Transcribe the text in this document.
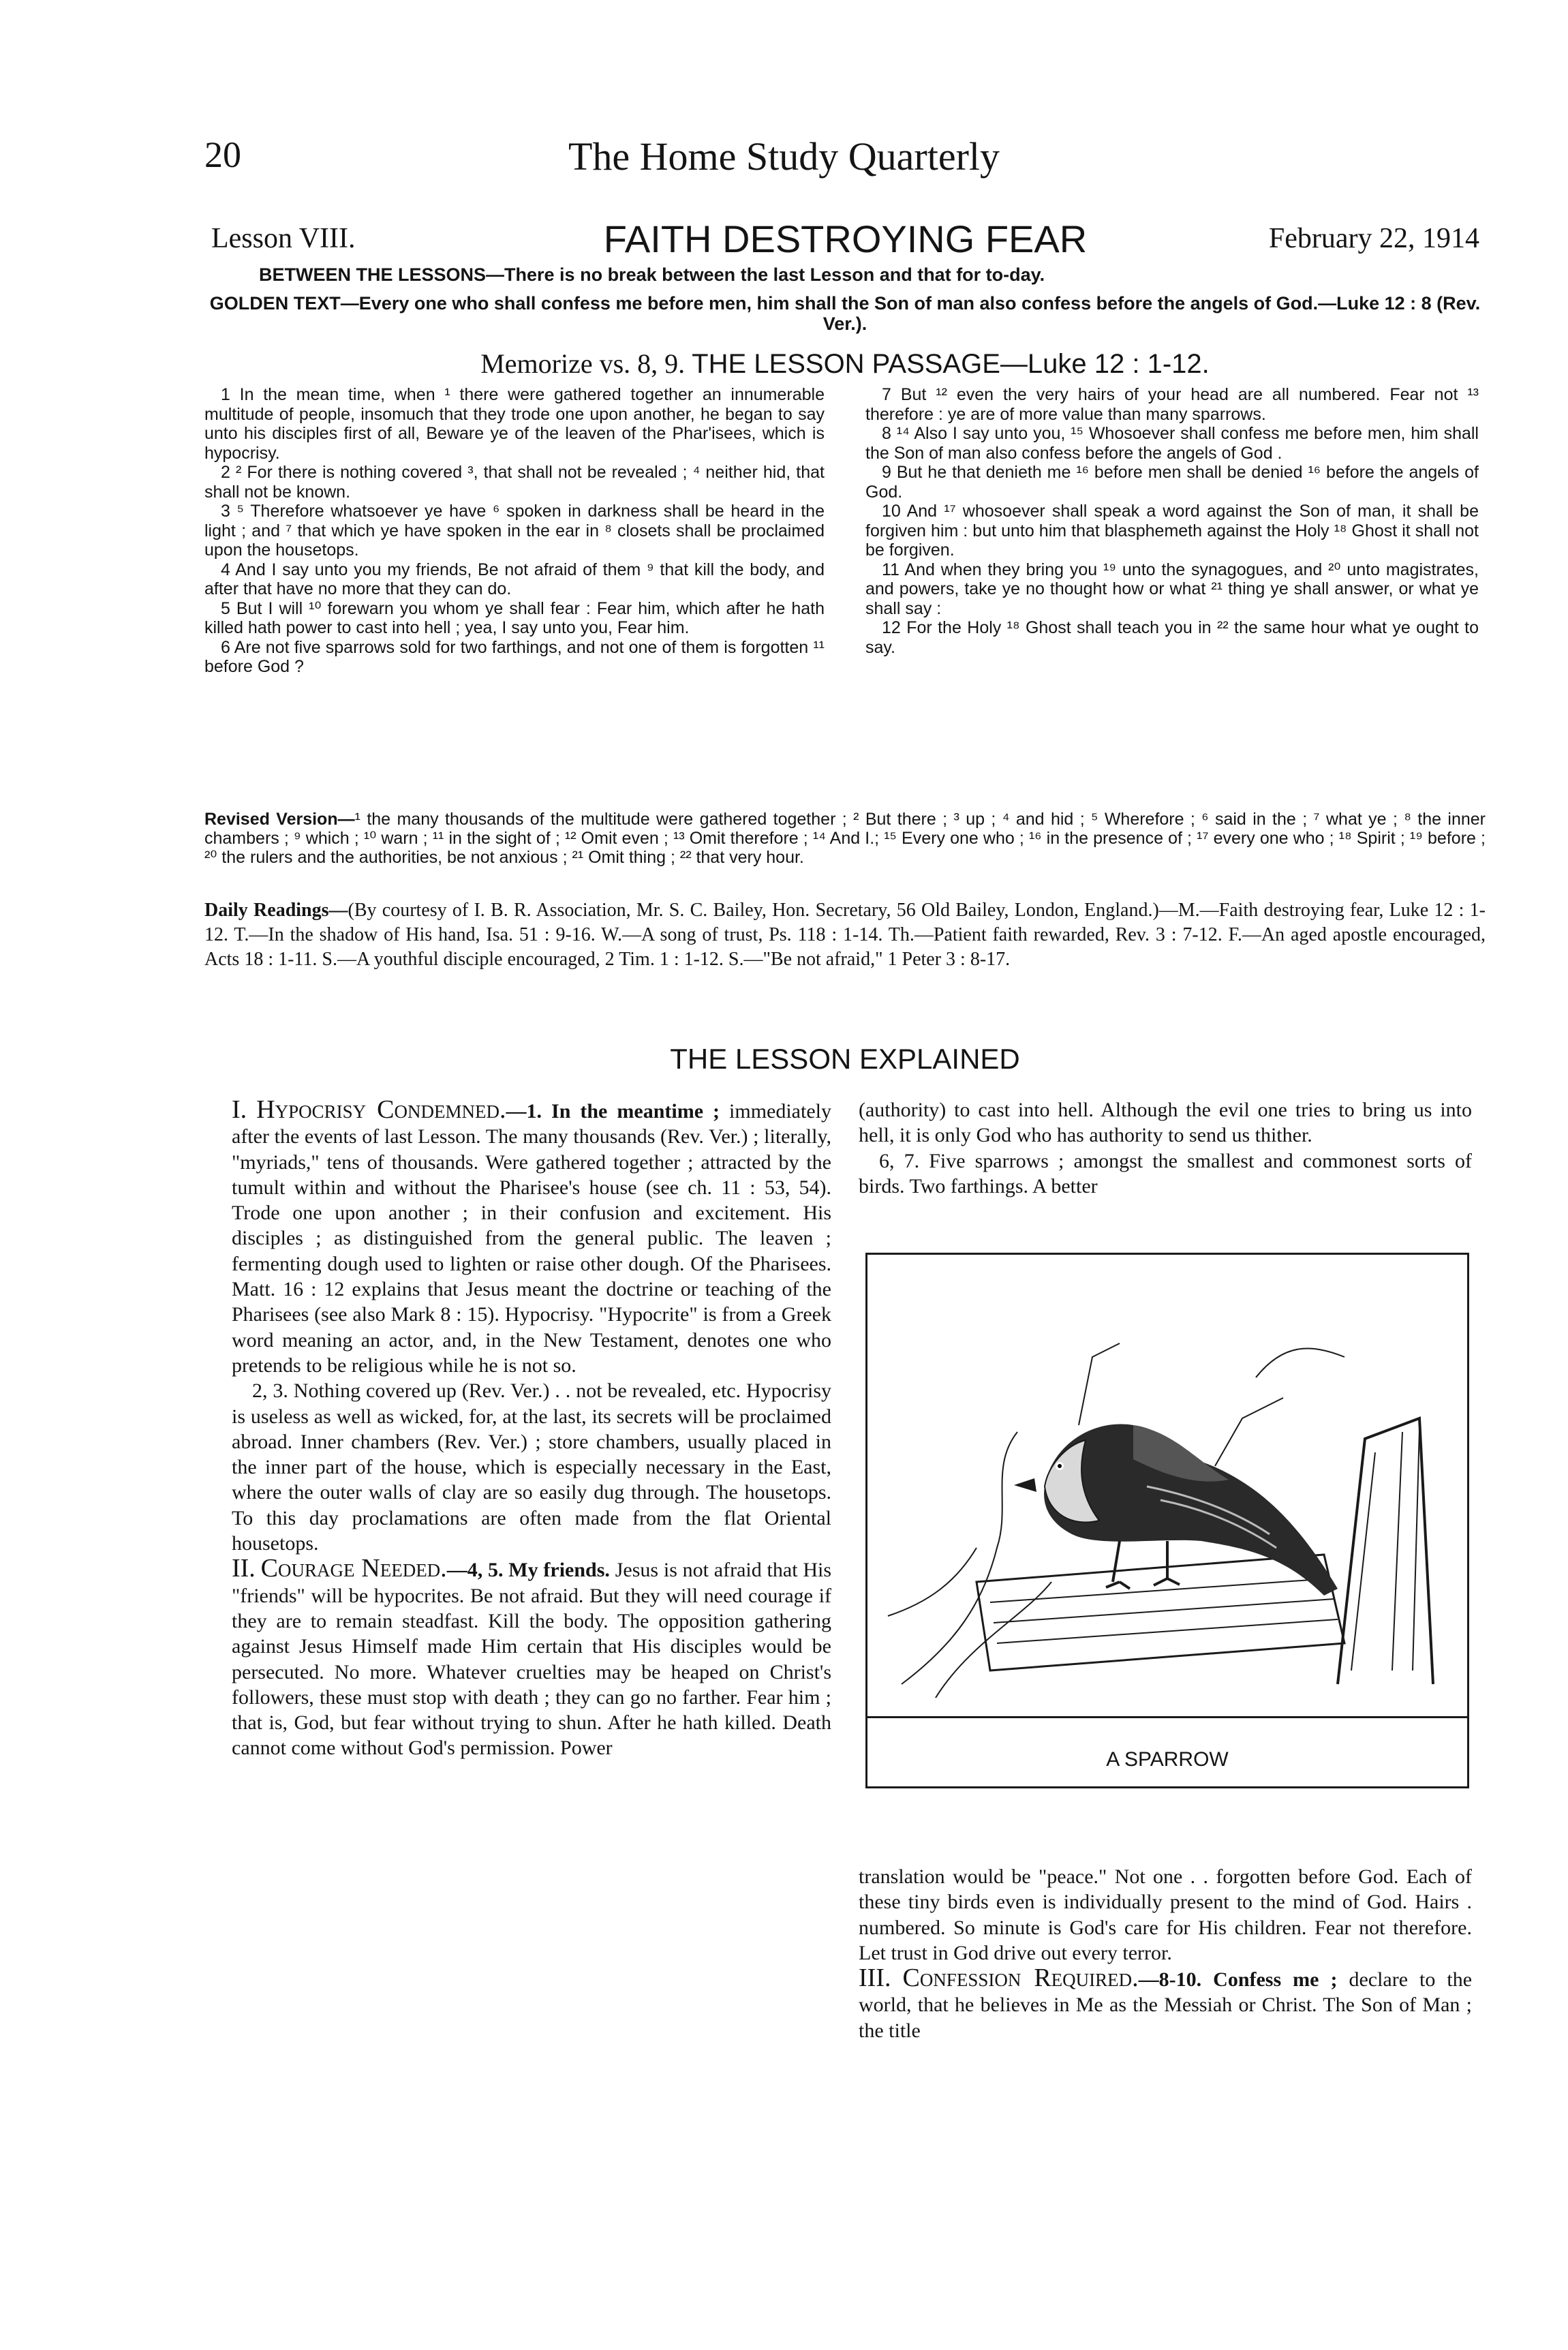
20	The Home Study Quarterly
Lesson VIII.	FAITH DESTROYING FEAR	February 22, 1914
BETWEEN THE LESSONS—There is no break between the last Lesson and that for to-day.
GOLDEN TEXT—Every one who shall confess me before men, him shall the Son of man also confess before the angels of God.—Luke 12 : 8 (Rev. Ver.).
Memorize vs. 8, 9. THE LESSON PASSAGE—Luke 12 : 1-12.

1 In the mean time, when ¹ there were gathered together an innumerable multitude of people, insomuch that they trode one upon another, he began to say unto his disciples first of all, Beware ye of the leaven of the Phar'isees, which is hypocrisy.

2 ² For there is nothing covered ³, that shall not be revealed ; ⁴ neither hid, that shall not be known.

3 ⁵ Therefore whatsoever ye have ⁶ spoken in darkness shall be heard in the light ; and ⁷ that which ye have spoken in the ear in ⁸ closets shall be proclaimed upon the housetops.

4 And I say unto you my friends, Be not afraid of them ⁹ that kill the body, and after that have no more that they can do.

5 But I will ¹⁰ forewarn you whom ye shall fear : Fear him, which after he hath killed hath power to cast into hell ; yea, I say unto you, Fear him.

6 Are not five sparrows sold for two farthings, and not one of them is forgotten ¹¹ before God ?

7 But ¹² even the very hairs of your head are all numbered. Fear not ¹³ therefore : ye are of more value than many sparrows.

8 ¹⁴ Also I say unto you, ¹⁵ Whosoever shall confess me before men, him shall the Son of man also confess before the angels of God .

9 But he that denieth me ¹⁶ before men shall be denied ¹⁶ before the angels of God.

10 And ¹⁷ whosoever shall speak a word against the Son of man, it shall be forgiven him : but unto him that blasphemeth against the Holy ¹⁸ Ghost it shall not be forgiven.

11 And when they bring you ¹⁹ unto the synagogues, and ²⁰ unto magistrates, and powers, take ye no thought how or what ²¹ thing ye shall answer, or what ye shall say :

12 For the Holy ¹⁸ Ghost shall teach you in ²² the same hour what ye ought to say.

Revised Version—¹ the many thousands of the multitude were gathered together ; ² But there ; ³ up ; ⁴ and hid ; ⁵ Wherefore ; ⁶ said in the ; ⁷ what ye ; ⁸ the inner chambers ; ⁹ which ; ¹⁰ warn ; ¹¹ in the sight of ; ¹² Omit even ; ¹³ Omit therefore ; ¹⁴ And I.; ¹⁵ Every one who ; ¹⁶ in the presence of ; ¹⁷ every one who ; ¹⁸ Spirit ; ¹⁹ before ; ²⁰ the rulers and the authorities, be not anxious ; ²¹ Omit thing ; ²² that very hour.
Daily Readings—(By courtesy of I. B. R. Association, Mr. S. C. Bailey, Hon. Secretary, 56 Old Bailey, London, England.)—M.—Faith destroying fear, Luke 12 : 1-12. T.—In the shadow of His hand, Isa. 51 : 9-16. W.—A song of trust, Ps. 118 : 1-14. Th.—Patient faith rewarded, Rev. 3 : 7-12. F.—An aged apostle encouraged, Acts 18 : 1-11. S.—A youthful disciple encouraged, 2 Tim. 1 : 1-12. S.—"Be not afraid," 1 Peter 3 : 8-17.
THE LESSON EXPLAINED

I. Hypocrisy Condemned.—1. In the meantime ; immediately after the events of last Lesson. The many thousands (Rev. Ver.) ; literally, "myriads," tens of thousands. Were gathered together ; attracted by the tumult within and without the Pharisee's house (see ch. 11 : 53, 54). Trode one upon another ; in their confusion and excitement. His disciples ; as distinguished from the general public. The leaven ; fermenting dough used to lighten or raise other dough. Of the Pharisees. Matt. 16 : 12 explains that Jesus meant the doctrine or teaching of the Pharisees (see also Mark 8 : 15). Hypocrisy. "Hypocrite" is from a Greek word meaning an actor, and, in the New Testament, denotes one who pretends to be religious while he is not so.

2, 3. Nothing covered up (Rev. Ver.) . . not be revealed, etc. Hypocrisy is useless as well as wicked, for, at the last, its secrets will be proclaimed abroad. Inner chambers (Rev. Ver.) ; store chambers, usually placed in the inner part of the house, which is especially necessary in the East, where the outer walls of clay are so easily dug through. The housetops. To this day proclamations are often made from the flat Oriental housetops.

II. Courage Needed.—4, 5. My friends. Jesus is not afraid that His "friends" will be hypocrites. Be not afraid. But they will need courage if they are to remain steadfast. Kill the body. The opposition gathering against Jesus Himself made Him certain that His disciples would be persecuted. No more. Whatever cruelties may be heaped on Christ's followers, these must stop with death ; they can go no farther. Fear him ; that is, God, but fear without trying to shun. After he hath killed. Death cannot come without God's permission. Power

(authority) to cast into hell. Although the evil one tries to bring us into hell, it is only God who has authority to send us thither.

6, 7. Five sparrows ; amongst the smallest and commonest sorts of birds. Two farthings. A better

A SPARROW

translation would be "peace." Not one . . forgotten before God. Each of these tiny birds even is individually present to the mind of God. Hairs . numbered. So minute is God's care for His children. Fear not therefore. Let trust in God drive out every terror.

III. Confession Required.—8-10. Confess me ; declare to the world, that he believes in Me as the Messiah or Christ. The Son of Man ; the title
